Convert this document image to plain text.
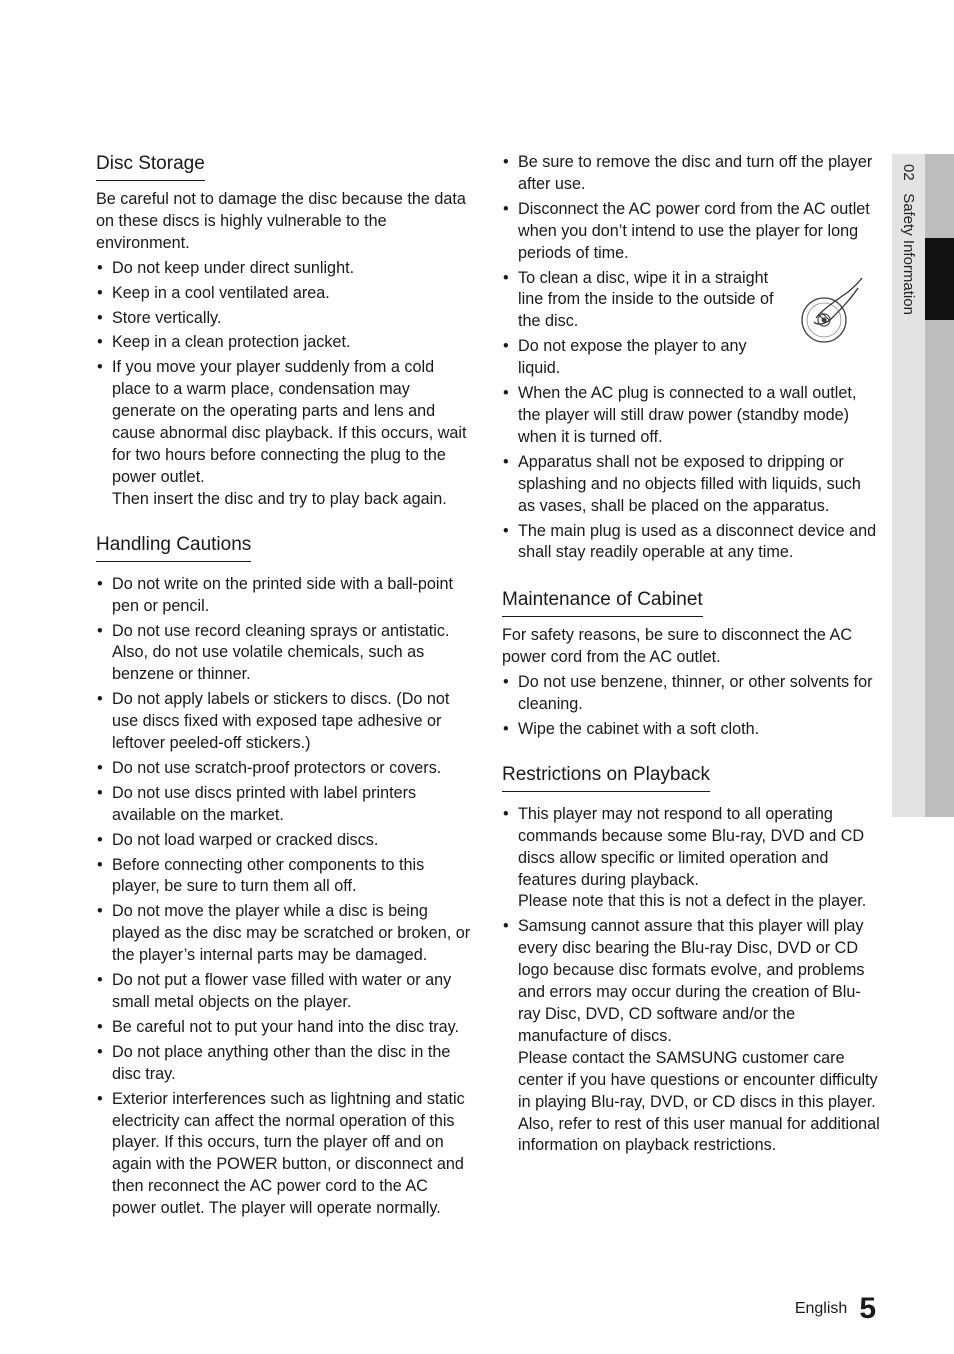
Disc Storage

Be careful not to damage the disc because the data on these discs is highly vulnerable to the environment.

• Do not keep under direct sunlight.
• Keep in a cool ventilated area.
• Store vertically.
• Keep in a clean protection jacket.
• If you move your player suddenly from a cold place to a warm place, condensation may generate on the operating parts and lens and cause abnormal disc playback. If this occurs, wait for two hours before connecting the plug to the power outlet.
Then insert the disc and try to play back again.
Handling Cautions
• Do not write on the printed side with a ball-point pen or pencil.
• Do not use record cleaning sprays or antistatic. Also, do not use volatile chemicals, such as benzene or thinner.
• Do not apply labels or stickers to discs. (Do not use discs fixed with exposed tape adhesive or leftover peeled-off stickers.)
• Do not use scratch-proof protectors or covers.
• Do not use discs printed with label printers available on the market.
• Do not load warped or cracked discs.
• Before connecting other components to this player, be sure to turn them all off.
• Do not move the player while a disc is being played as the disc may be scratched or broken, or the player’s internal parts may be damaged.
• Do not put a flower vase filled with water or any small metal objects on the player.
• Be careful not to put your hand into the disc tray.
• Do not place anything other than the disc in the disc tray.
• Exterior interferences such as lightning and static electricity can affect the normal operation of this player. If this occurs, turn the player off and on again with the POWER button, or disconnect and then reconnect the AC power cord to the AC power outlet. The player will operate normally.
• Be sure to remove the disc and turn off the player after use.
• Disconnect the AC power cord from the AC outlet when you don’t intend to use the player for long periods of time.
• To clean a disc, wipe it in a straight line from the inside to the outside of the disc.
• Do not expose the player to any liquid.
• When the AC plug is connected to a wall outlet, the player will still draw power (standby mode) when it is turned off.
• Apparatus shall not be exposed to dripping or splashing and no objects filled with liquids, such as vases, shall be placed on the apparatus.
• The main plug is used as a disconnect device and shall stay readily operable at any time.
Maintenance of Cabinet

For safety reasons, be sure to disconnect the AC power cord from the AC outlet.

• Do not use benzene, thinner, or other solvents for cleaning.
• Wipe the cabinet with a soft cloth.
Restrictions on Playback
• This player may not respond to all operating commands because some Blu-ray, DVD and CD discs allow specific or limited operation and features during playback.
Please note that this is not a defect in the player.
• Samsung cannot assure that this player will play every disc bearing the Blu-ray Disc, DVD or CD logo because disc formats evolve, and problems and errors may occur during the creation of Blu-ray Disc, DVD, CD software and/or the manufacture of discs.
Please contact the SAMSUNG customer care center if you have questions or encounter difficulty in playing Blu-ray, DVD, or CD discs in this player. Also, refer to rest of this user manual for additional information on playback restrictions.
02   Safety Information
English 5
